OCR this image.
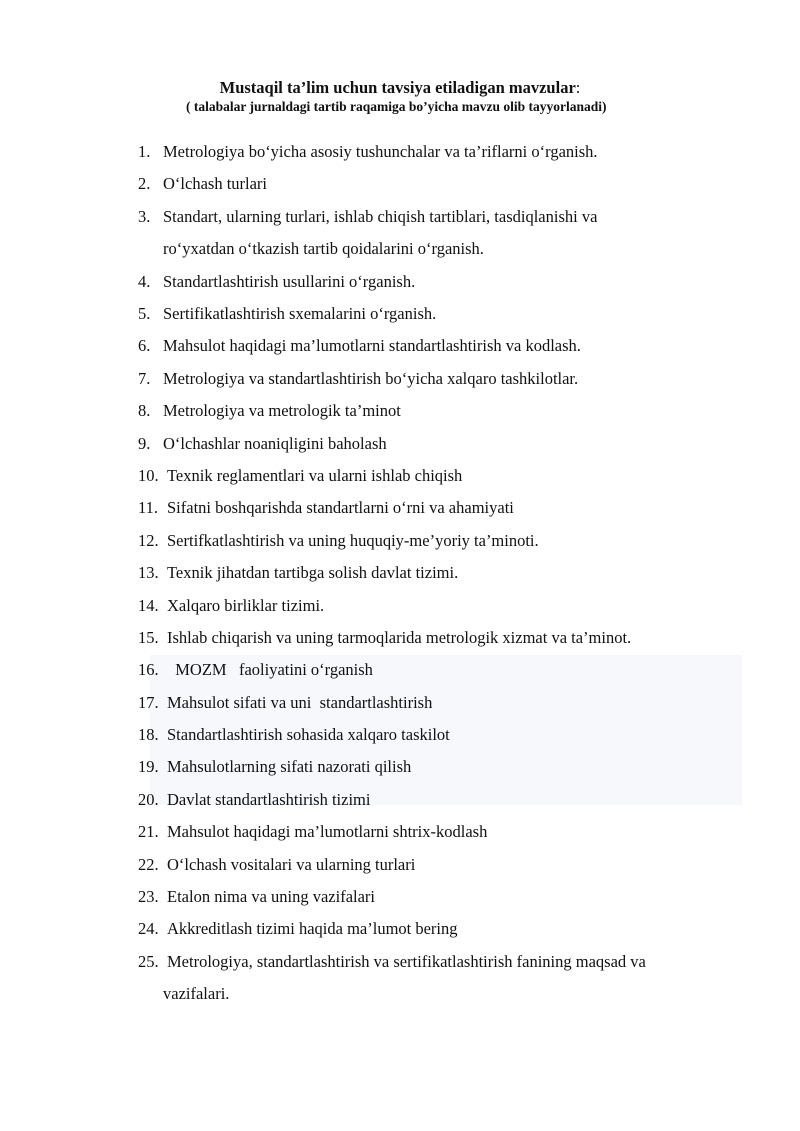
Mustaqil ta’lim uchun tavsiya etiladigan mavzular:
( talabalar jurnaldagi tartib raqamiga bo’yicha mavzu olib tayyorlanadi)
1. Metrologiya bo‘yicha asosiy tushunchalar va ta’riflarni o‘rganish.
2. O‘lchash turlari
3. Standart, ularning turlari, ishlab chiqish tartiblari, tasdiqlanishi va
ro‘yxatdan o‘tkazish tartib qoidalarini o‘rganish.
4. Standartlashtirish usullarini o‘rganish.
5. Sertifikatlashtirish sxemalarini o‘rganish.
6. Mahsulot haqidagi ma’lumotlarni standartlashtirish va kodlash.
7. Metrologiya va standartlashtirish bo‘yicha xalqaro tashkilotlar.
8. Metrologiya va metrologik ta’minot
9. O‘lchashlar noaniqligini baholash
10. Texnik reglamentlari va ularni ishlab chiqish
11. Sifatni boshqarishda standartlarni o‘rni va ahamiyati
12. Sertifkatlashtirish va uning huquqiy-me’yoriy ta’minoti.
13. Texnik jihatdan tartibga solish davlat tizimi.
14. Xalqaro birliklar tizimi.
15. Ishlab chiqarish va uning tarmoqlarida metrologik xizmat va ta’minot.
16. MOZM   faoliyatini o‘rganish
17. Mahsulot sifati va uni  standartlashtirish
18. Standartlashtirish sohasida xalqaro taskilot
19. Mahsulotlarning sifati nazorati qilish
20. Davlat standartlashtirish tizimi
21. Mahsulot haqidagi ma’lumotlarni shtrix-kodlash
22. O‘lchash vositalari va ularning turlari
23. Etalon nima va uning vazifalari
24. Akkreditlash tizimi haqida ma’lumot bering
25. Metrologiya, standartlashtirish va sertifikatlashtirish fanining maqsad va
vazifalari.
